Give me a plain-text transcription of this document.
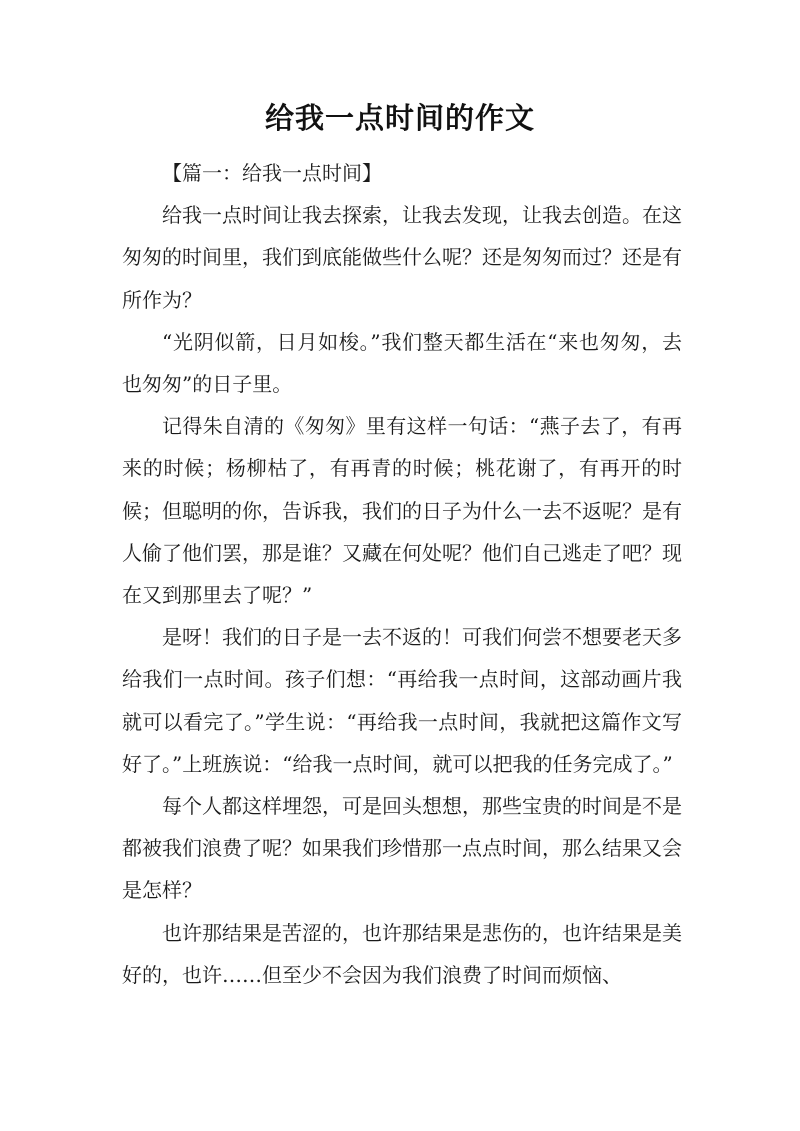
给我一点时间的作文

【篇一：给我一点时间】

给我一点时间让我去探索，让我去发现，让我去创造。在这匆匆的时间里，我们到底能做些什么呢？还是匆匆而过？还是有所作为？

“光阴似箭，日月如梭。”我们整天都生活在“来也匆匆，去也匆匆”的日子里。

记得朱自清的《匆匆》里有这样一句话：“燕子去了，有再来的时候；杨柳枯了，有再青的时候；桃花谢了，有再开的时候；但聪明的你，告诉我，我们的日子为什么一去不返呢？是有人偷了他们罢，那是谁？又藏在何处呢？他们自己逃走了吧？现在又到那里去了呢？”

是呀！我们的日子是一去不返的！可我们何尝不想要老天多给我们一点时间。孩子们想：“再给我一点时间，这部动画片我就可以看完了。”学生说：“再给我一点时间，我就把这篇作文写好了。”上班族说：“给我一点时间，就可以把我的任务完成了。”

每个人都这样埋怨，可是回头想想，那些宝贵的时间是不是都被我们浪费了呢？如果我们珍惜那一点点时间，那么结果又会是怎样？

也许那结果是苦涩的，也许那结果是悲伤的，也许结果是美好的，也许……但至少不会因为我们浪费了时间而烦恼、
